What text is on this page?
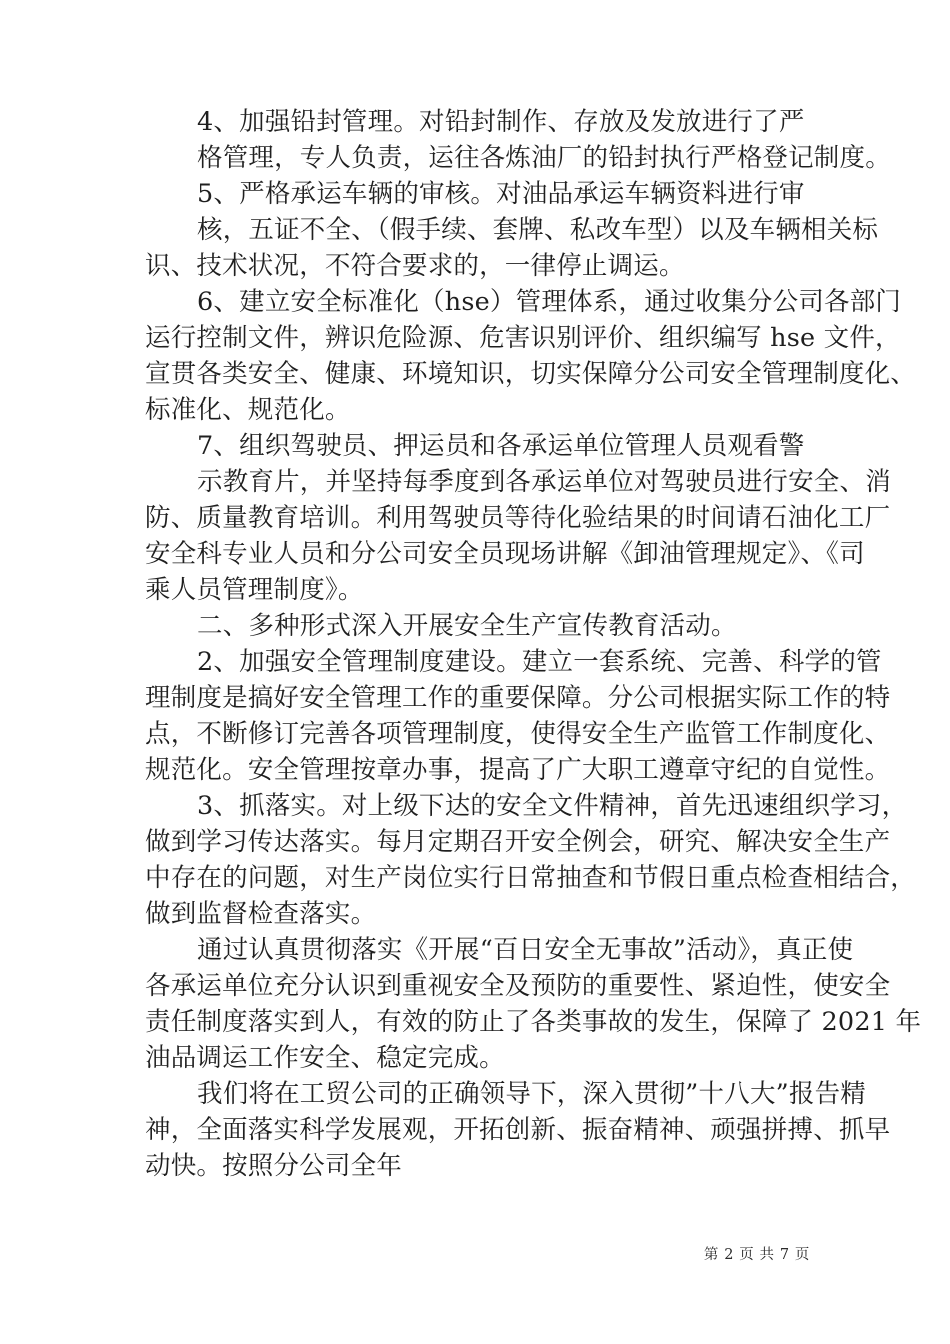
4、加强铅封管理。对铅封制作、存放及发放进行了严
格管理，专人负责，运往各炼油厂的铅封执行严格登记制度。
5、严格承运车辆的审核。对油品承运车辆资料进行审
核，五证不全、（假手续、套牌、私改车型）以及车辆相关标
识、技术状况，不符合要求的，一律停止调运。
6、建立安全标准化（hse）管理体系，通过收集分公司各部门
运行控制文件，辨识危险源、危害识别评价、组织编写 hse 文件，
宣贯各类安全、健康、环境知识，切实保障分公司安全管理制度化、
标准化、规范化。
7、组织驾驶员、押运员和各承运单位管理人员观看警
示教育片，并坚持每季度到各承运单位对驾驶员进行安全、消
防、质量教育培训。利用驾驶员等待化验结果的时间请石油化工厂
安全科专业人员和分公司安全员现场讲解《卸油管理规定》、《司
乘人员管理制度》。
二、多种形式深入开展安全生产宣传教育活动。
2、加强安全管理制度建设。建立一套系统、完善、科学的管
理制度是搞好安全管理工作的重要保障。分公司根据实际工作的特
点，不断修订完善各项管理制度，使得安全生产监管工作制度化、
规范化。安全管理按章办事，提高了广大职工遵章守纪的自觉性。
3、抓落实。对上级下达的安全文件精神，首先迅速组织学习，
做到学习传达落实。每月定期召开安全例会，研究、解决安全生产
中存在的问题，对生产岗位实行日常抽查和节假日重点检查相结合，
做到监督检查落实。
通过认真贯彻落实《开展“百日安全无事故”活动》，真正使
各承运单位充分认识到重视安全及预防的重要性、紧迫性，使安全
责任制度落实到人，有效的防止了各类事故的发生，保障了 2021 年
油品调运工作安全、稳定完成。
我们将在工贸公司的正确领导下，深入贯彻”十八大”报告精
神，全面落实科学发展观，开拓创新、振奋精神、顽强拼搏、抓早
动快。按照分公司全年
第 2 页 共 7 页
